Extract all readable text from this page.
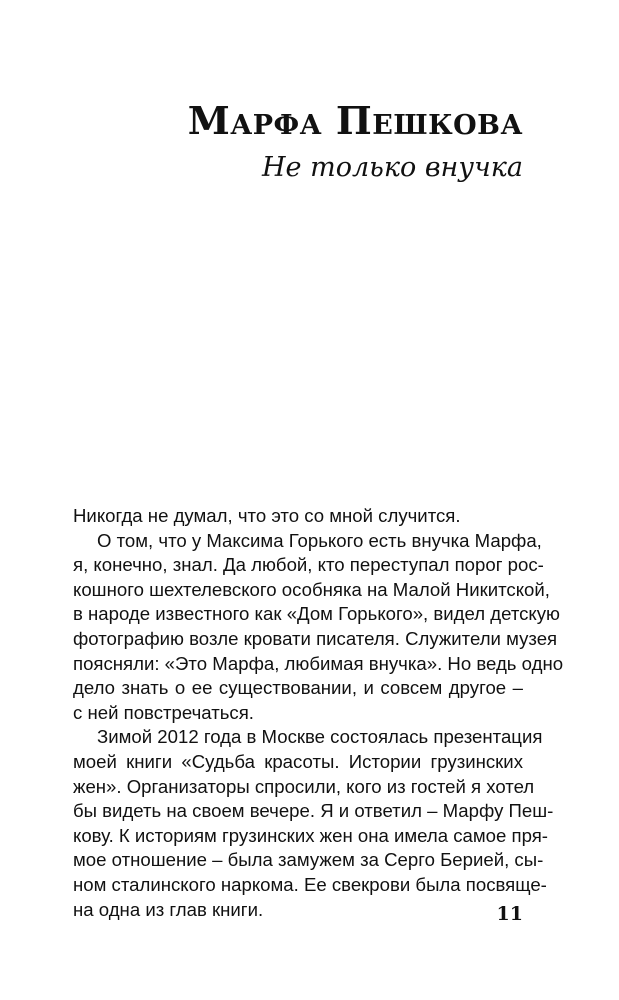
Марфа Пешкова
Не только внучка
Никогда не думал, что это со мной случится.
О том, что у Максима Горького есть внучка Марфа,
я, конечно, знал. Да любой, кто переступал порог рос-
кошного шехтелевского особняка на Малой Никитской,
в народе известного как «Дом Горького», видел детскую
фотографию возле кровати писателя. Служители музея
поясняли: «Это Марфа, любимая внучка». Но ведь одно
дело знать о ее существовании, и совсем другое –
с ней повстречаться.
Зимой 2012 года в Москве состоялась презентация
моей книги «Судьба красоты. Истории грузинских
жен». Организаторы спросили, кого из гостей я хотел
бы видеть на своем вечере. Я и ответил – Марфу Пеш-
кову. К историям грузинских жен она имела самое пря-
мое отношение – была замужем за Серго Берией, сы-
ном сталинского наркома. Ее свекрови была посвяще-
на одна из глав книги.	11
